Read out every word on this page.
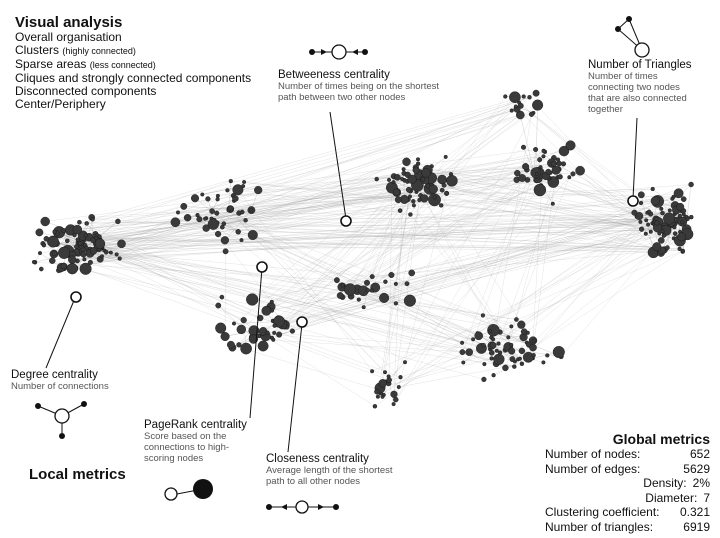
Visual analysis
Overall organisation
Clusters (highly connected)
Sparse areas (less connected)
Cliques and strongly connected components
Disconnected components
Center/Periphery
Betweeness centrality
Number of times being on the shortest
path between two other nodes
Number of Triangles
Number of times
connecting two nodes
that are also connected
together
Degree centrality
Number of connections
PageRank centrality
Score based on the
connections to high-
scoring nodes	Closeness centrality
Average length of the shortest
path to all other nodes
Local metrics
Global metrics
Number of nodes:	652
Number of edges:	5629
Density: 2%
Diameter: 7
Clustering coefficient: 0.321
Number of triangles:	6919
